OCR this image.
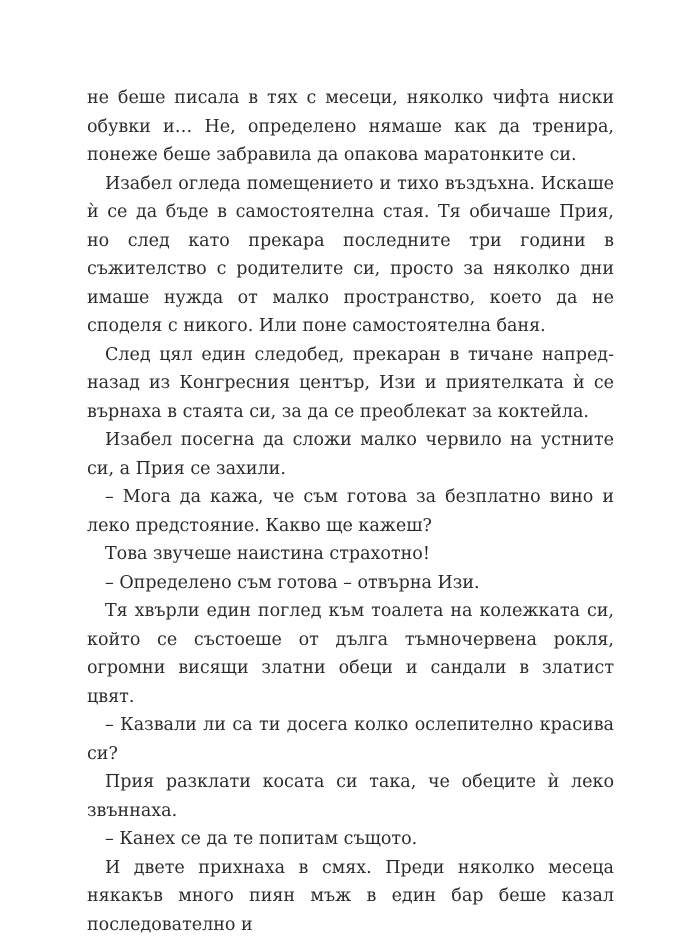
не беше писала в тях с месеци, няколко чифта ниски обувки и… Не, определено нямаше как да тренира, понеже беше забравила да опакова маратонките си.

Изабел огледа помещението и тихо въздъхна. Искаше ѝ се да бъде в самостоятелна стая. Тя обичаше Прия, но след като прекара последните три години в съжителство с родителите си, просто за няколко дни имаше нужда от малко пространство, което да не споделя с никого. Или поне самостоятелна баня.

След цял един следобед, прекаран в тичане напред-назад из Конгресния център, Изи и приятелката ѝ се върнаха в стаята си, за да се преоблекат за коктейла.

Изабел посегна да сложи малко червило на устните си, а Прия се захили.

– Мога да кажа, че съм готова за безплатно вино и леко предстояние. Какво ще кажеш?

Това звучеше наистина страхотно!

– Определено съм готова – отвърна Изи.

Тя хвърли един поглед към тоалета на колежката си, който се състоеше от дълга тъмночервена рокля, огромни висящи златни обеци и сандали в златист цвят.

– Казвали ли са ти досега колко ослепително красива си?

Прия разклати косата си така, че обеците ѝ леко звъннаха.

– Канех се да те попитам същото.

И двете прихнаха в смях. Преди няколко месеца някакъв много пиян мъж в един бар беше казал последователно и
